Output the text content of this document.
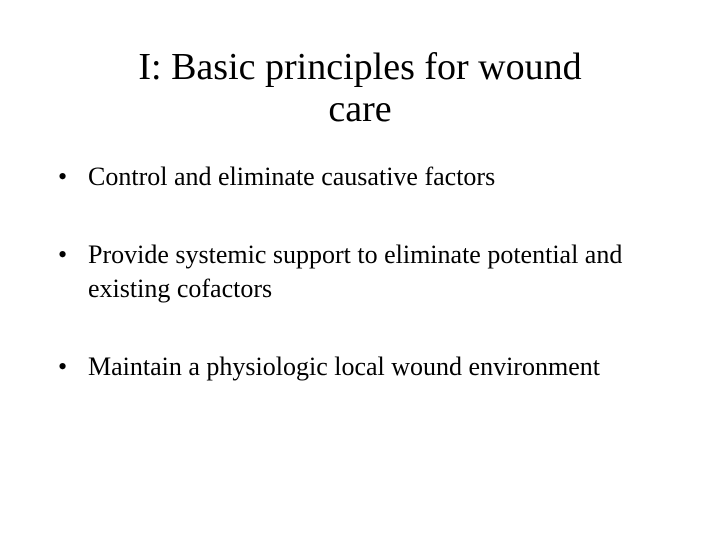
I: Basic principles for wound
care
• Control and eliminate causative factors
• Provide systemic support to eliminate potential and existing cofactors
• Maintain a physiologic local wound environment
